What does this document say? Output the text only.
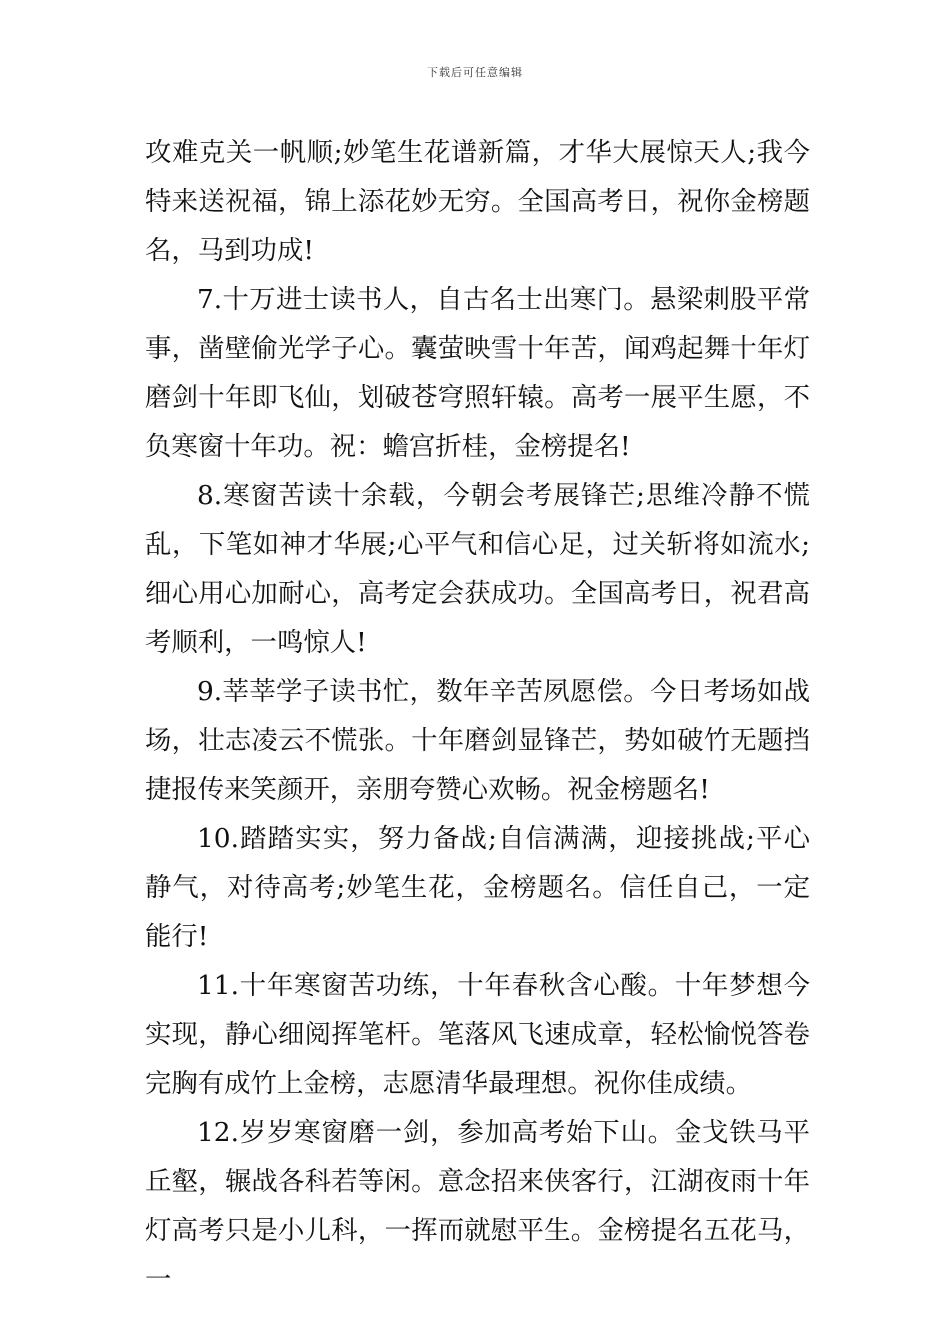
下载后可任意编辑

攻难克关一帆顺;妙笔生花谱新篇，才华大展惊天人;我今特来送祝福，锦上添花妙无穷。全国高考日，祝你金榜题名，马到功成!

7.十万进士读书人，自古名士出寒门。悬梁刺股平常事，凿壁偷光学子心。囊萤映雪十年苦，闻鸡起舞十年灯磨剑十年即飞仙，划破苍穹照轩辕。高考一展平生愿，不负寒窗十年功。祝：蟾宫折桂，金榜提名!

8.寒窗苦读十余载，今朝会考展锋芒;思维冷静不慌乱，下笔如神才华展;心平气和信心足，过关斩将如流水;细心用心加耐心，高考定会获成功。全国高考日，祝君高考顺利，一鸣惊人!

9.莘莘学子读书忙，数年辛苦夙愿偿。今日考场如战场，壮志凌云不慌张。十年磨剑显锋芒，势如破竹无题挡捷报传来笑颜开，亲朋夸赞心欢畅。祝金榜题名!

10.踏踏实实，努力备战;自信满满，迎接挑战;平心静气，对待高考;妙笔生花，金榜题名。信任自己，一定能行!

11.十年寒窗苦功练，十年春秋含心酸。十年梦想今实现，静心细阅挥笔杆。笔落风飞速成章，轻松愉悦答卷完胸有成竹上金榜，志愿清华最理想。祝你佳成绩。

12.岁岁寒窗磨一剑，参加高考始下山。金戈铁马平丘壑，辗战各科若等闲。意念招来侠客行，江湖夜雨十年灯高考只是小儿科，一挥而就慰平生。金榜提名五花马，一
